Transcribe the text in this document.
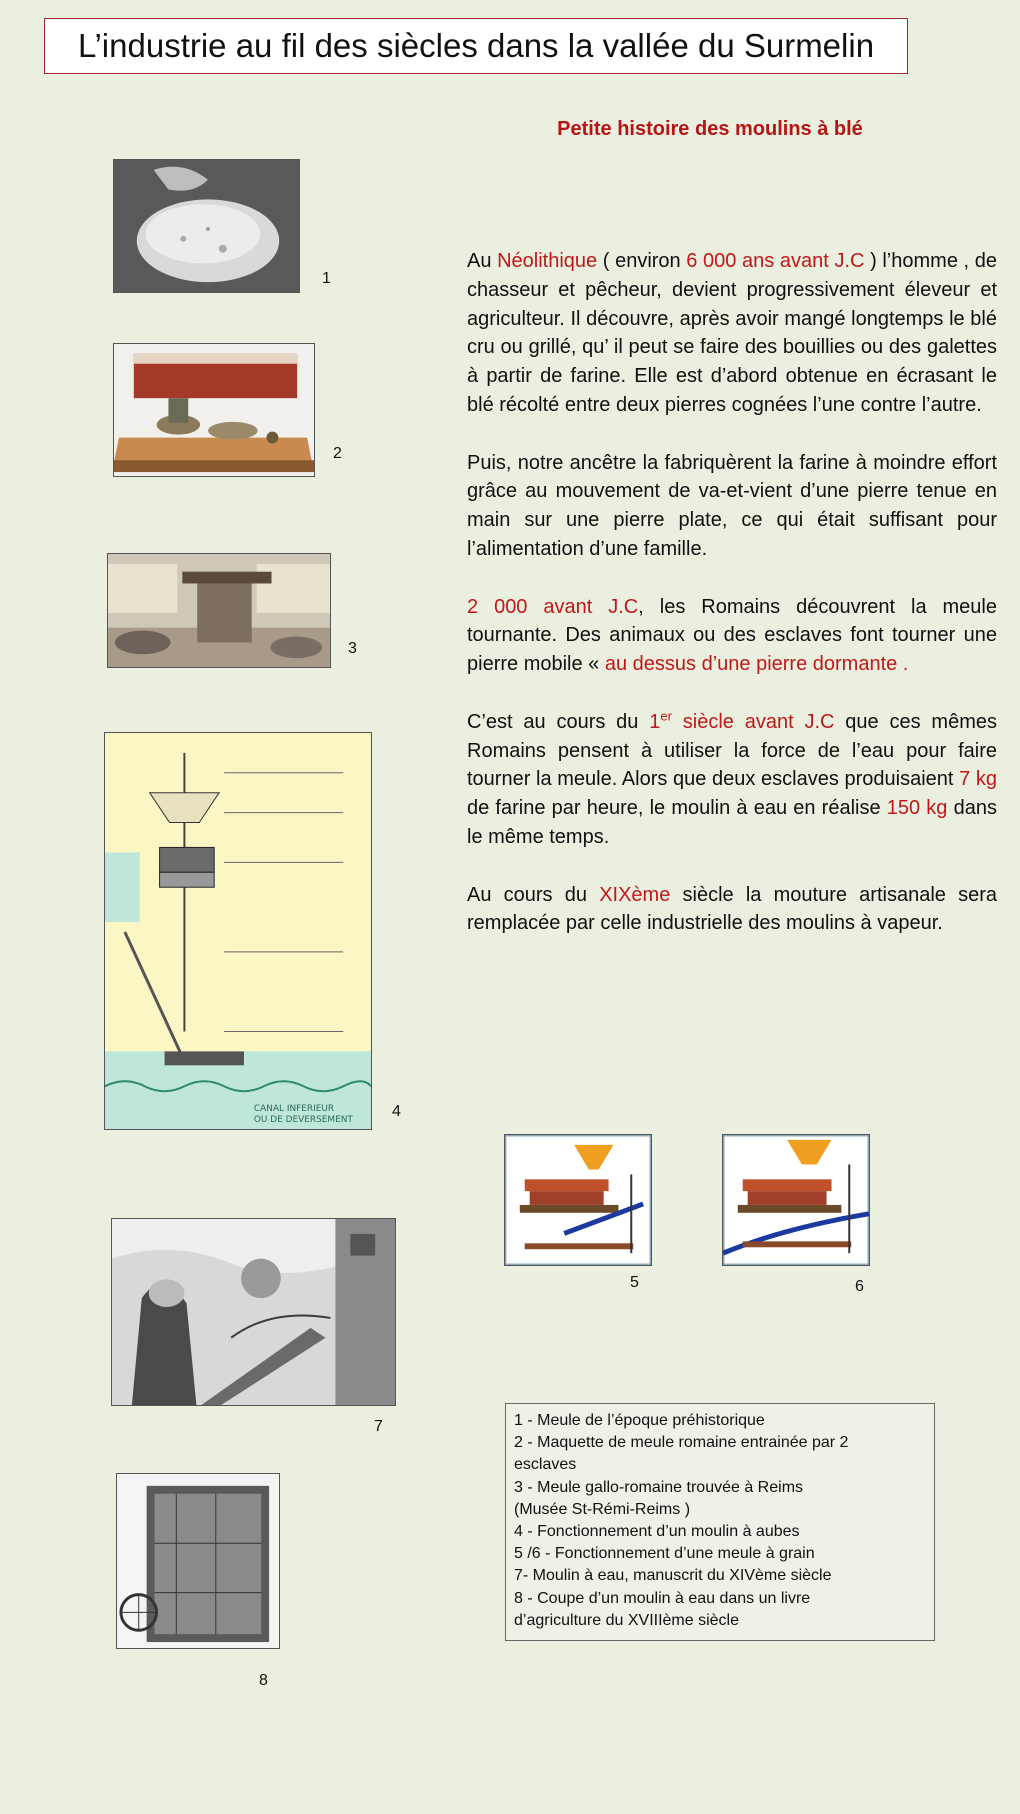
L’industrie au fil des siècles dans la vallée du Surmelin
Petite histoire des moulins à blé

Au Néolithique ( environ 6 000 ans avant J.C ) l’homme , de chasseur et pêcheur, devient progressivement éleveur et agriculteur. Il découvre, après avoir mangé longtemps le blé cru ou grillé, qu’ il peut se faire des bouillies ou des galettes à partir de farine. Elle est d’abord obtenue en écrasant le blé récolté entre deux pierres cognées l’une contre l’autre.

Puis, notre ancêtre la fabriquèrent la farine à moindre effort grâce au mouvement de va-et-vient d’une pierre tenue en main sur une pierre plate, ce qui était suffisant pour l’alimentation d’une famille.

2 000 avant J.C, les Romains découvrent la meule tournante. Des animaux ou des esclaves font tourner une pierre mobile « au dessus d’une pierre dormante .

C’est au cours du 1er siècle avant J.C que ces mêmes Romains pensent à utiliser la force de l’eau pour faire tourner la meule. Alors que deux esclaves produisaient 7 kg de farine par heure, le moulin à eau en réalise 150 kg dans le même temps.

Au cours du XIXème siècle la mouture artisanale sera remplacée par celle industrielle des moulins à vapeur.

1
2
3
CANAL INFERIEUR
OU DE DEVERSEMENT
4
5	6
7
8
1 - Meule de l’époque préhistorique
2 - Maquette de meule romaine entrainée par 2
esclaves
3 - Meule gallo-romaine trouvée à Reims
(Musée St-Rémi-Reims )
4 - Fonctionnement d’un moulin à aubes
5 /6 - Fonctionnement d’une meule à grain
7- Moulin à eau, manuscrit du XIVème siècle
8 - Coupe d’un moulin à eau dans un livre
d’agriculture du XVIIIème siècle
